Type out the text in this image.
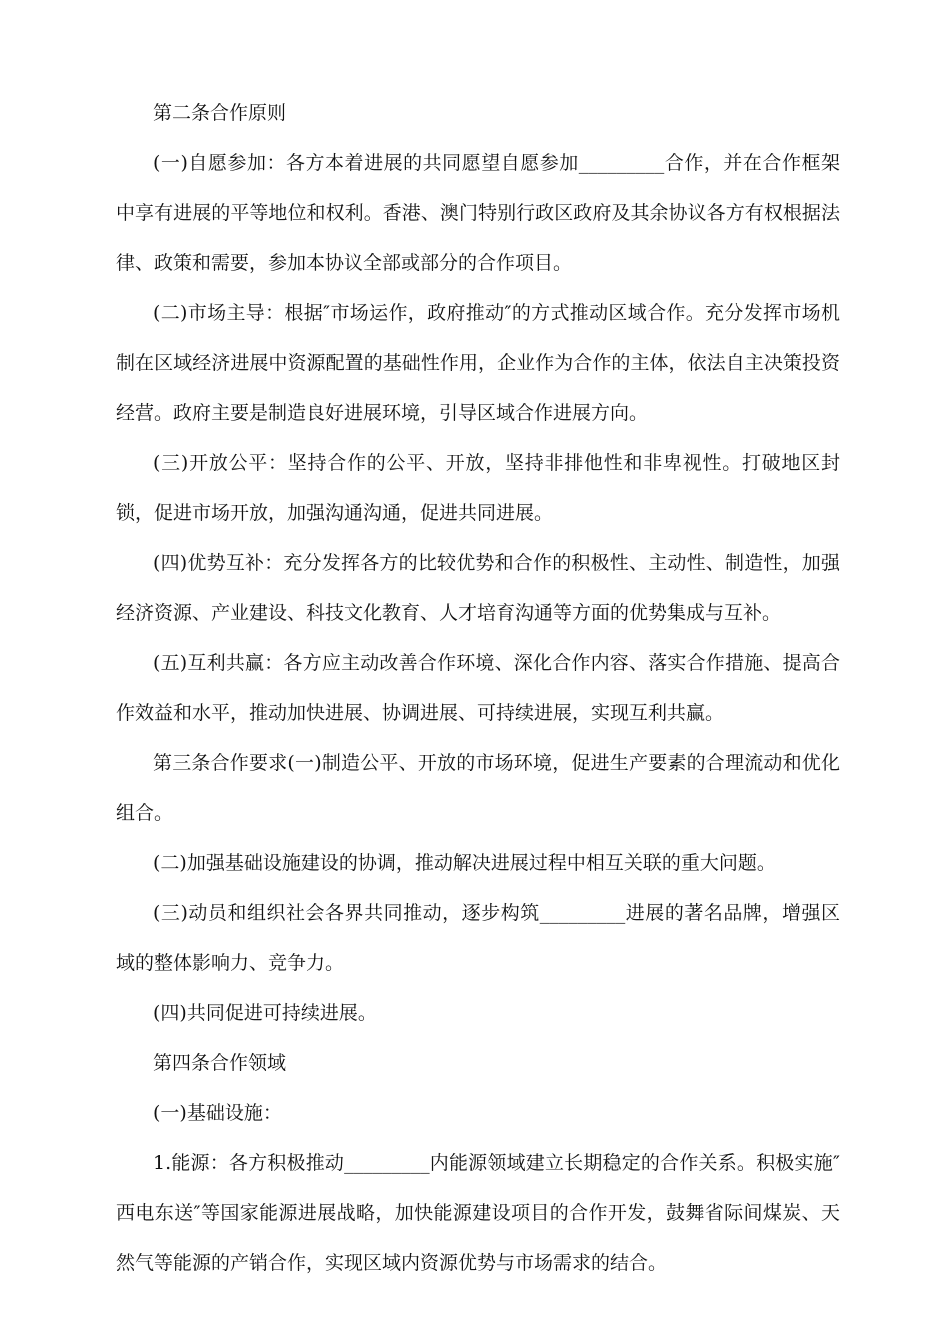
第二条合作原则

(一)自愿参加：各方本着进展的共同愿望自愿参加_________合作，并在合作框架中享有进展的平等地位和权利。香港、澳门特别行政区政府及其余协议各方有权根据法律、政策和需要，参加本协议全部或部分的合作项目。

(二)市场主导：根据″市场运作，政府推动″的方式推动区域合作。充分发挥市场机制在区域经济进展中资源配置的基础性作用，企业作为合作的主体，依法自主决策投资经营。政府主要是制造良好进展环境，引导区域合作进展方向。

(三)开放公平：坚持合作的公平、开放，坚持非排他性和非卑视性。打破地区封锁，促进市场开放，加强沟通沟通，促进共同进展。

(四)优势互补：充分发挥各方的比较优势和合作的积极性、主动性、制造性，加强经济资源、产业建设、科技文化教育、人才培育沟通等方面的优势集成与互补。

(五)互利共赢：各方应主动改善合作环境、深化合作内容、落实合作措施、提高合作效益和水平，推动加快进展、协调进展、可持续进展，实现互利共赢。

第三条合作要求(一)制造公平、开放的市场环境，促进生产要素的合理流动和优化组合。

(二)加强基础设施建设的协调，推动解决进展过程中相互关联的重大问题。

(三)动员和组织社会各界共同推动，逐步构筑_________进展的著名品牌，增强区域的整体影响力、竞争力。

(四)共同促进可持续进展。

第四条合作领域

(一)基础设施：

1.能源：各方积极推动_________内能源领域建立长期稳定的合作关系。积极实施″西电东送″等国家能源进展战略，加快能源建设项目的合作开发，鼓舞省际间煤炭、天然气等能源的产销合作，实现区域内资源优势与市场需求的结合。
